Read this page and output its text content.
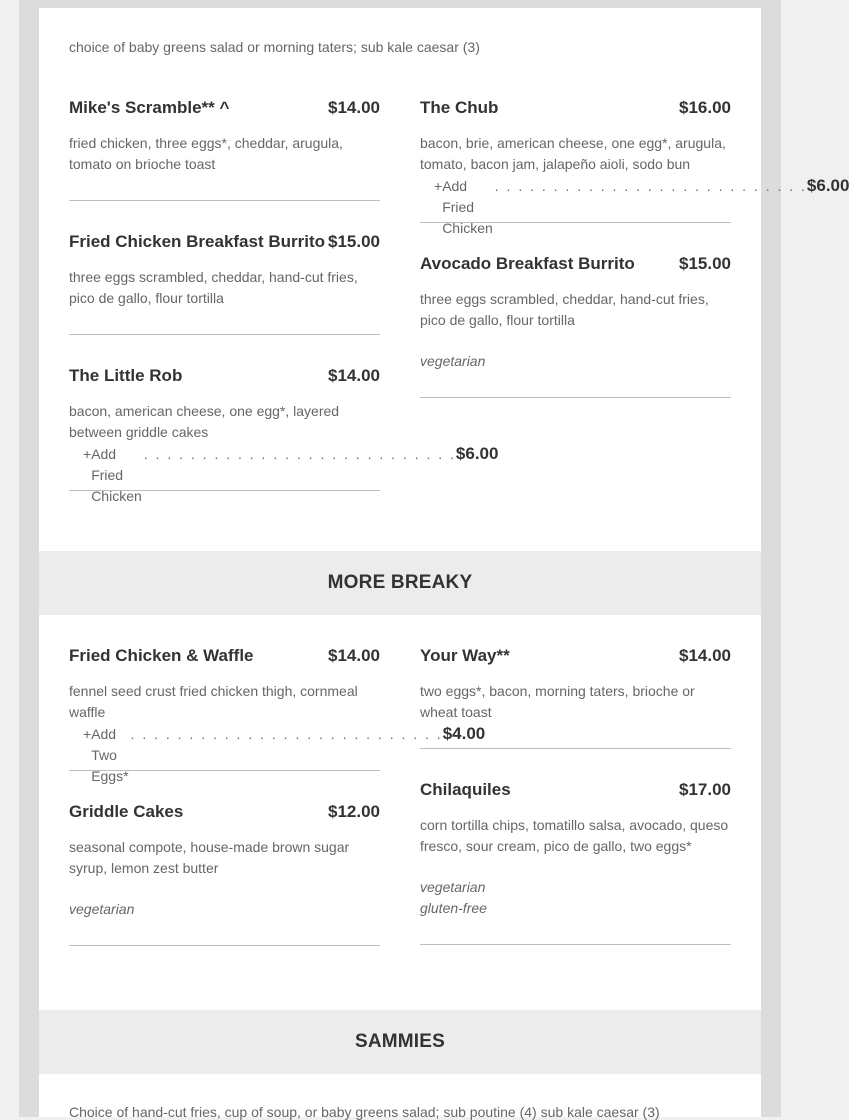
choice of baby greens salad or morning taters; sub kale caesar (3)
Mike's Scramble** ^	$14.00
fried chicken, three eggs*, cheddar, arugula, tomato on brioche toast
Fried Chicken Breakfast Burrito $15.00
three eggs scrambled, cheddar, hand-cut fries, pico de gallo, flour tortilla
The Little Rob	$14.00
bacon, american cheese, one egg*, layered between griddle cakes
+ Add Fried Chicken
. . . . . . . . . . . . . . . . . . . . . . . . . . . $6.00
The Chub	$16.00
bacon, brie, american cheese, one egg*, arugula, tomato, bacon jam, jalapeño aioli, sodo bun
+ Add Fried Chicken
. . . . . . . . . . . . . . . . . . . . . . . . . . . $6.00
Avocado Breakfast Burrito	$15.00
three eggs scrambled, cheddar, hand-cut fries, pico de gallo, flour tortilla
vegetarian
MORE BREAKY
Fried Chicken & Waffle	$14.00
fennel seed crust fried chicken thigh, cornmeal waffle
+ Add Two Eggs*
. . . . . . . . . . . . . . . . . . . . . . . . . . . $4.00
Griddle Cakes	$12.00
seasonal compote, house-made brown sugar syrup, lemon zest butter
vegetarian
Your Way**	$14.00
two eggs*, bacon, morning taters, brioche or wheat toast
Chilaquiles	$17.00
corn tortilla chips, tomatillo salsa, avocado, queso fresco, sour cream, pico de gallo, two eggs*
vegetarian
gluten-free
SAMMIES
Choice of hand-cut fries, cup of soup, or baby greens salad; sub poutine (4) sub kale caesar (3)
